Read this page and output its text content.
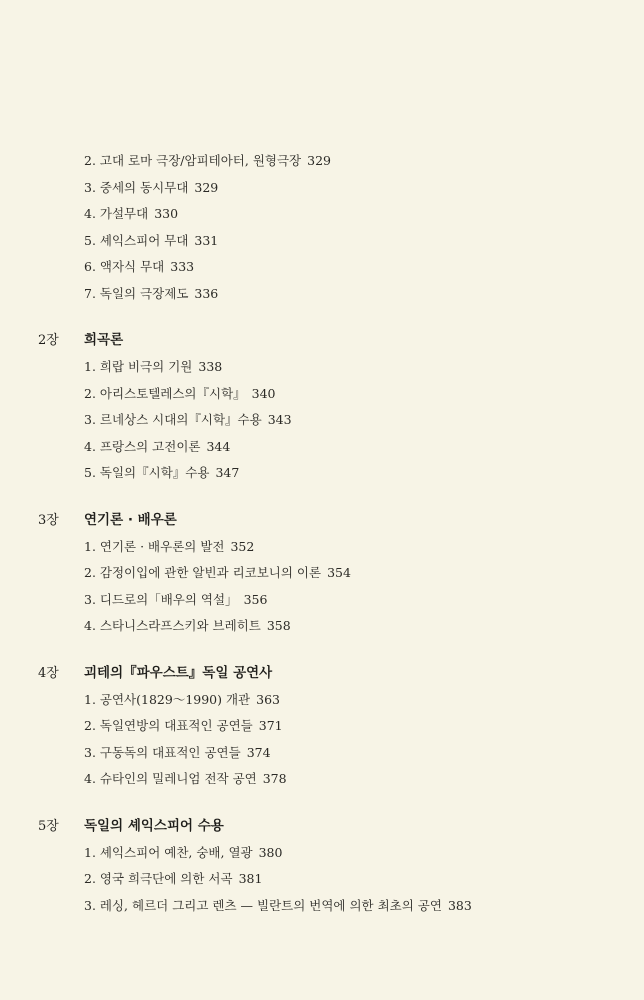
2. 고대 로마 극장/암피테아터, 원형극장 329
3. 중세의 동시무대 329
4. 가설무대 330
5. 셰익스피어 무대 331
6. 액자식 무대 333
7. 독일의 극장제도 336
2장	희곡론
1. 희랍 비극의 기원 338
2. 아리스토텔레스의『시학』 340
3. 르네상스 시대의『시학』수용 343
4. 프랑스의 고전이론 344
5. 독일의『시학』수용 347
3장	연기론 · 배우론
1. 연기론 · 배우론의 발전 352
2. 감정이입에 관한 알빈과 리코보니의 이론 354
3. 디드로의「배우의 역설」 356
4. 스타니스라프스키와 브레히트 358
4장	괴테의『파우스트』독일 공연사
1. 공연사(1829～1990) 개관 363
2. 독일연방의 대표적인 공연들 371
3. 구동독의 대표적인 공연들 374
4. 슈타인의 밀레니엄 전작 공연 378
5장	독일의 셰익스피어 수용
1. 셰익스피어 예찬, 숭배, 열광 380
2. 영국 희극단에 의한 서곡 381
3. 레싱, 헤르더 그리고 렌츠 — 빌란트의 번역에 의한 최초의 공연 383
